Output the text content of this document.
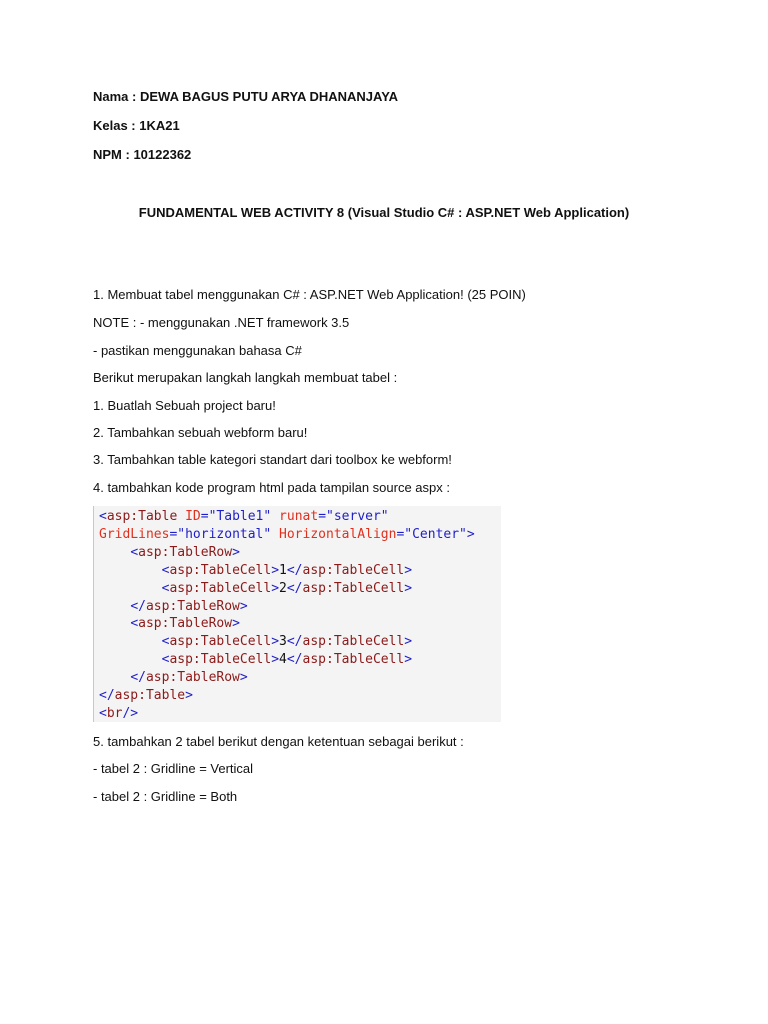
Nama : DEWA BAGUS PUTU ARYA DHANANJAYA
Kelas : 1KA21
NPM : 10122362
FUNDAMENTAL WEB ACTIVITY 8 (Visual Studio C# : ASP.NET Web Application)
1. Membuat tabel menggunakan C# : ASP.NET Web Application! (25 POIN)
NOTE : - menggunakan .NET framework 3.5
- pastikan menggunakan bahasa C#
Berikut merupakan langkah langkah membuat tabel :
1. Buatlah Sebuah project baru!
2. Tambahkan sebuah webform baru!
3. Tambahkan table kategori standart dari toolbox ke webform!
4. tambahkan kode program html pada tampilan source aspx :
<asp:Table ID="Table1" runat="server"
GridLines="horizontal" HorizontalAlign="Center">
<asp:TableRow>
<asp:TableCell>1</asp:TableCell>
<asp:TableCell>2</asp:TableCell>
</asp:TableRow>
<asp:TableRow>
<asp:TableCell>3</asp:TableCell>
<asp:TableCell>4</asp:TableCell>
</asp:TableRow>
</asp:Table>
<br/>
5. tambahkan 2 tabel berikut dengan ketentuan sebagai berikut :
- tabel 2 : Gridline = Vertical
- tabel 2 : Gridline = Both
